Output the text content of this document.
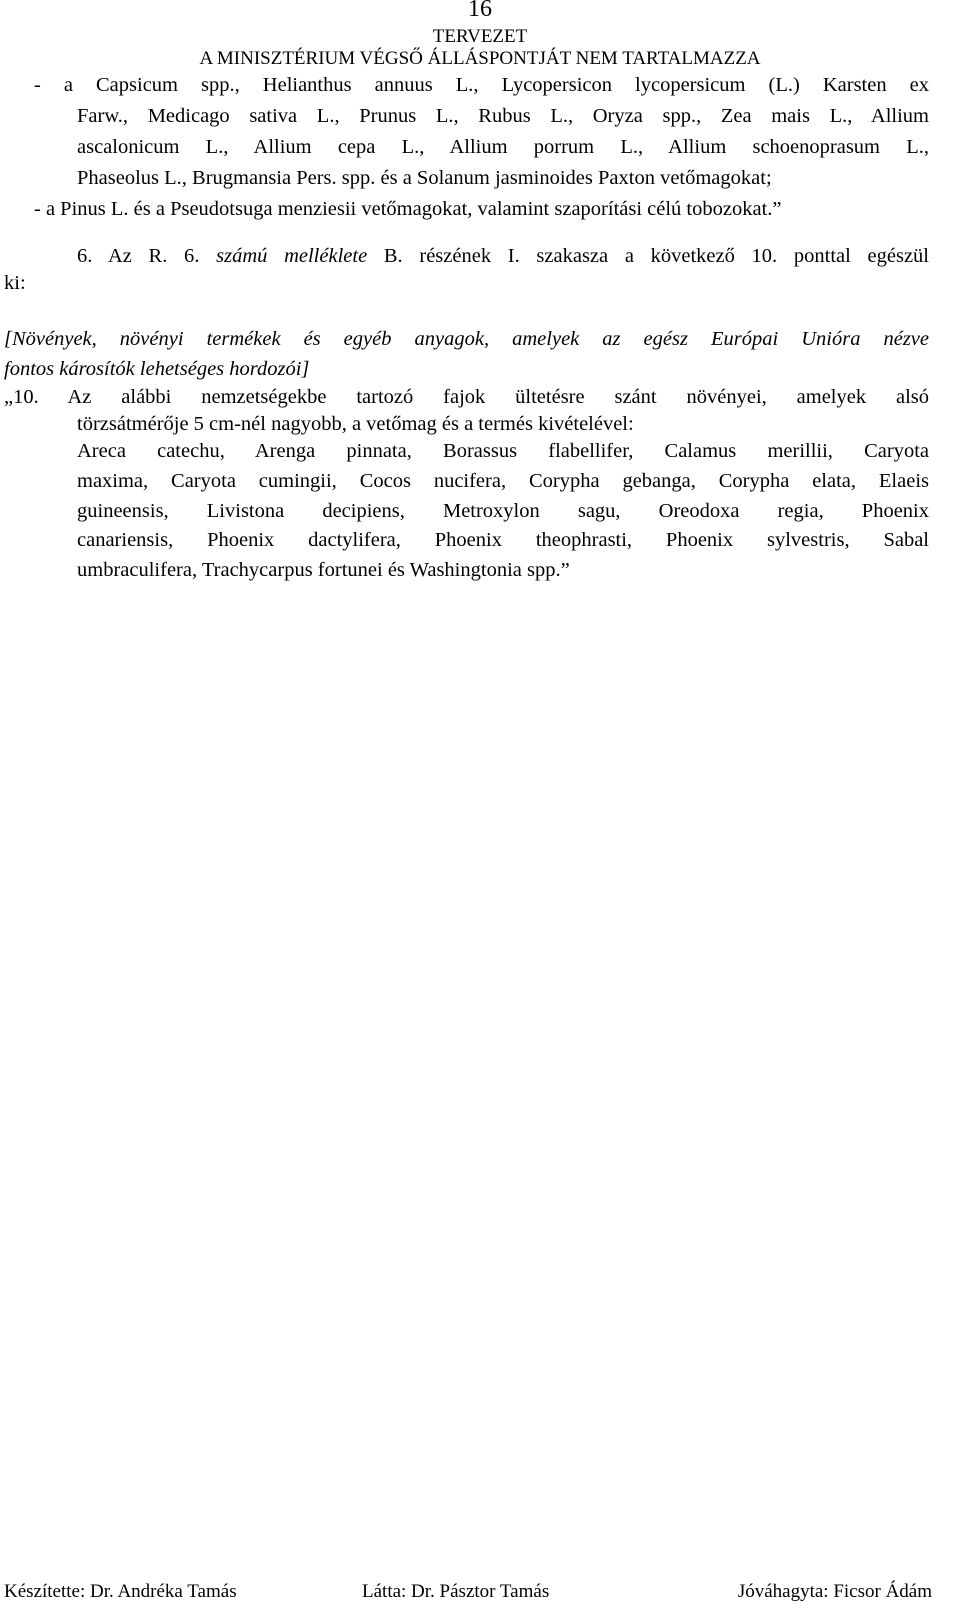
16
TERVEZET
A MINISZTÉRIUM VÉGSŐ ÁLLÁSPONTJÁT NEM TARTALMAZZA
- a Capsicum spp., Helianthus annuus L., Lycopersicon lycopersicum (L.) Karsten ex
Farw., Medicago sativa L., Prunus L., Rubus L., Oryza spp., Zea mais L., Allium
ascalonicum L., Allium cepa L., Allium porrum L., Allium schoenoprasum L.,
Phaseolus L., Brugmansia Pers. spp. és a Solanum jasminoides Paxton vetőmagokat;
- a Pinus L. és a Pseudotsuga menziesii vetőmagokat, valamint szaporítási célú tobozokat.”
ki:
6. Az R. 6. számú melléklete B. részének I. szakasza a következő 10. ponttal egészül
[Növények, növényi termékek és egyéb anyagok, amelyek az egész Európai Unióra nézve
fontos károsítók lehetséges hordozói]
„10. Az alábbi nemzetségekbe tartozó fajok ültetésre szánt növényei, amelyek alsó
törzsátmérője 5 cm-nél nagyobb, a vetőmag és a termés kivételével:
Areca catechu, Arenga pinnata, Borassus flabellifer, Calamus merillii, Caryota
maxima, Caryota cumingii, Cocos nucifera, Corypha gebanga, Corypha elata, Elaeis
guineensis, Livistona decipiens, Metroxylon sagu, Oreodoxa regia, Phoenix
canariensis, Phoenix dactylifera, Phoenix theophrasti, Phoenix sylvestris, Sabal
umbraculifera, Trachycarpus fortunei és Washingtonia spp.”
Készítette: Dr. Andréka Tamás	Látta: Dr. Pásztor Tamás	Jóváhagyta: Ficsor Ádám
